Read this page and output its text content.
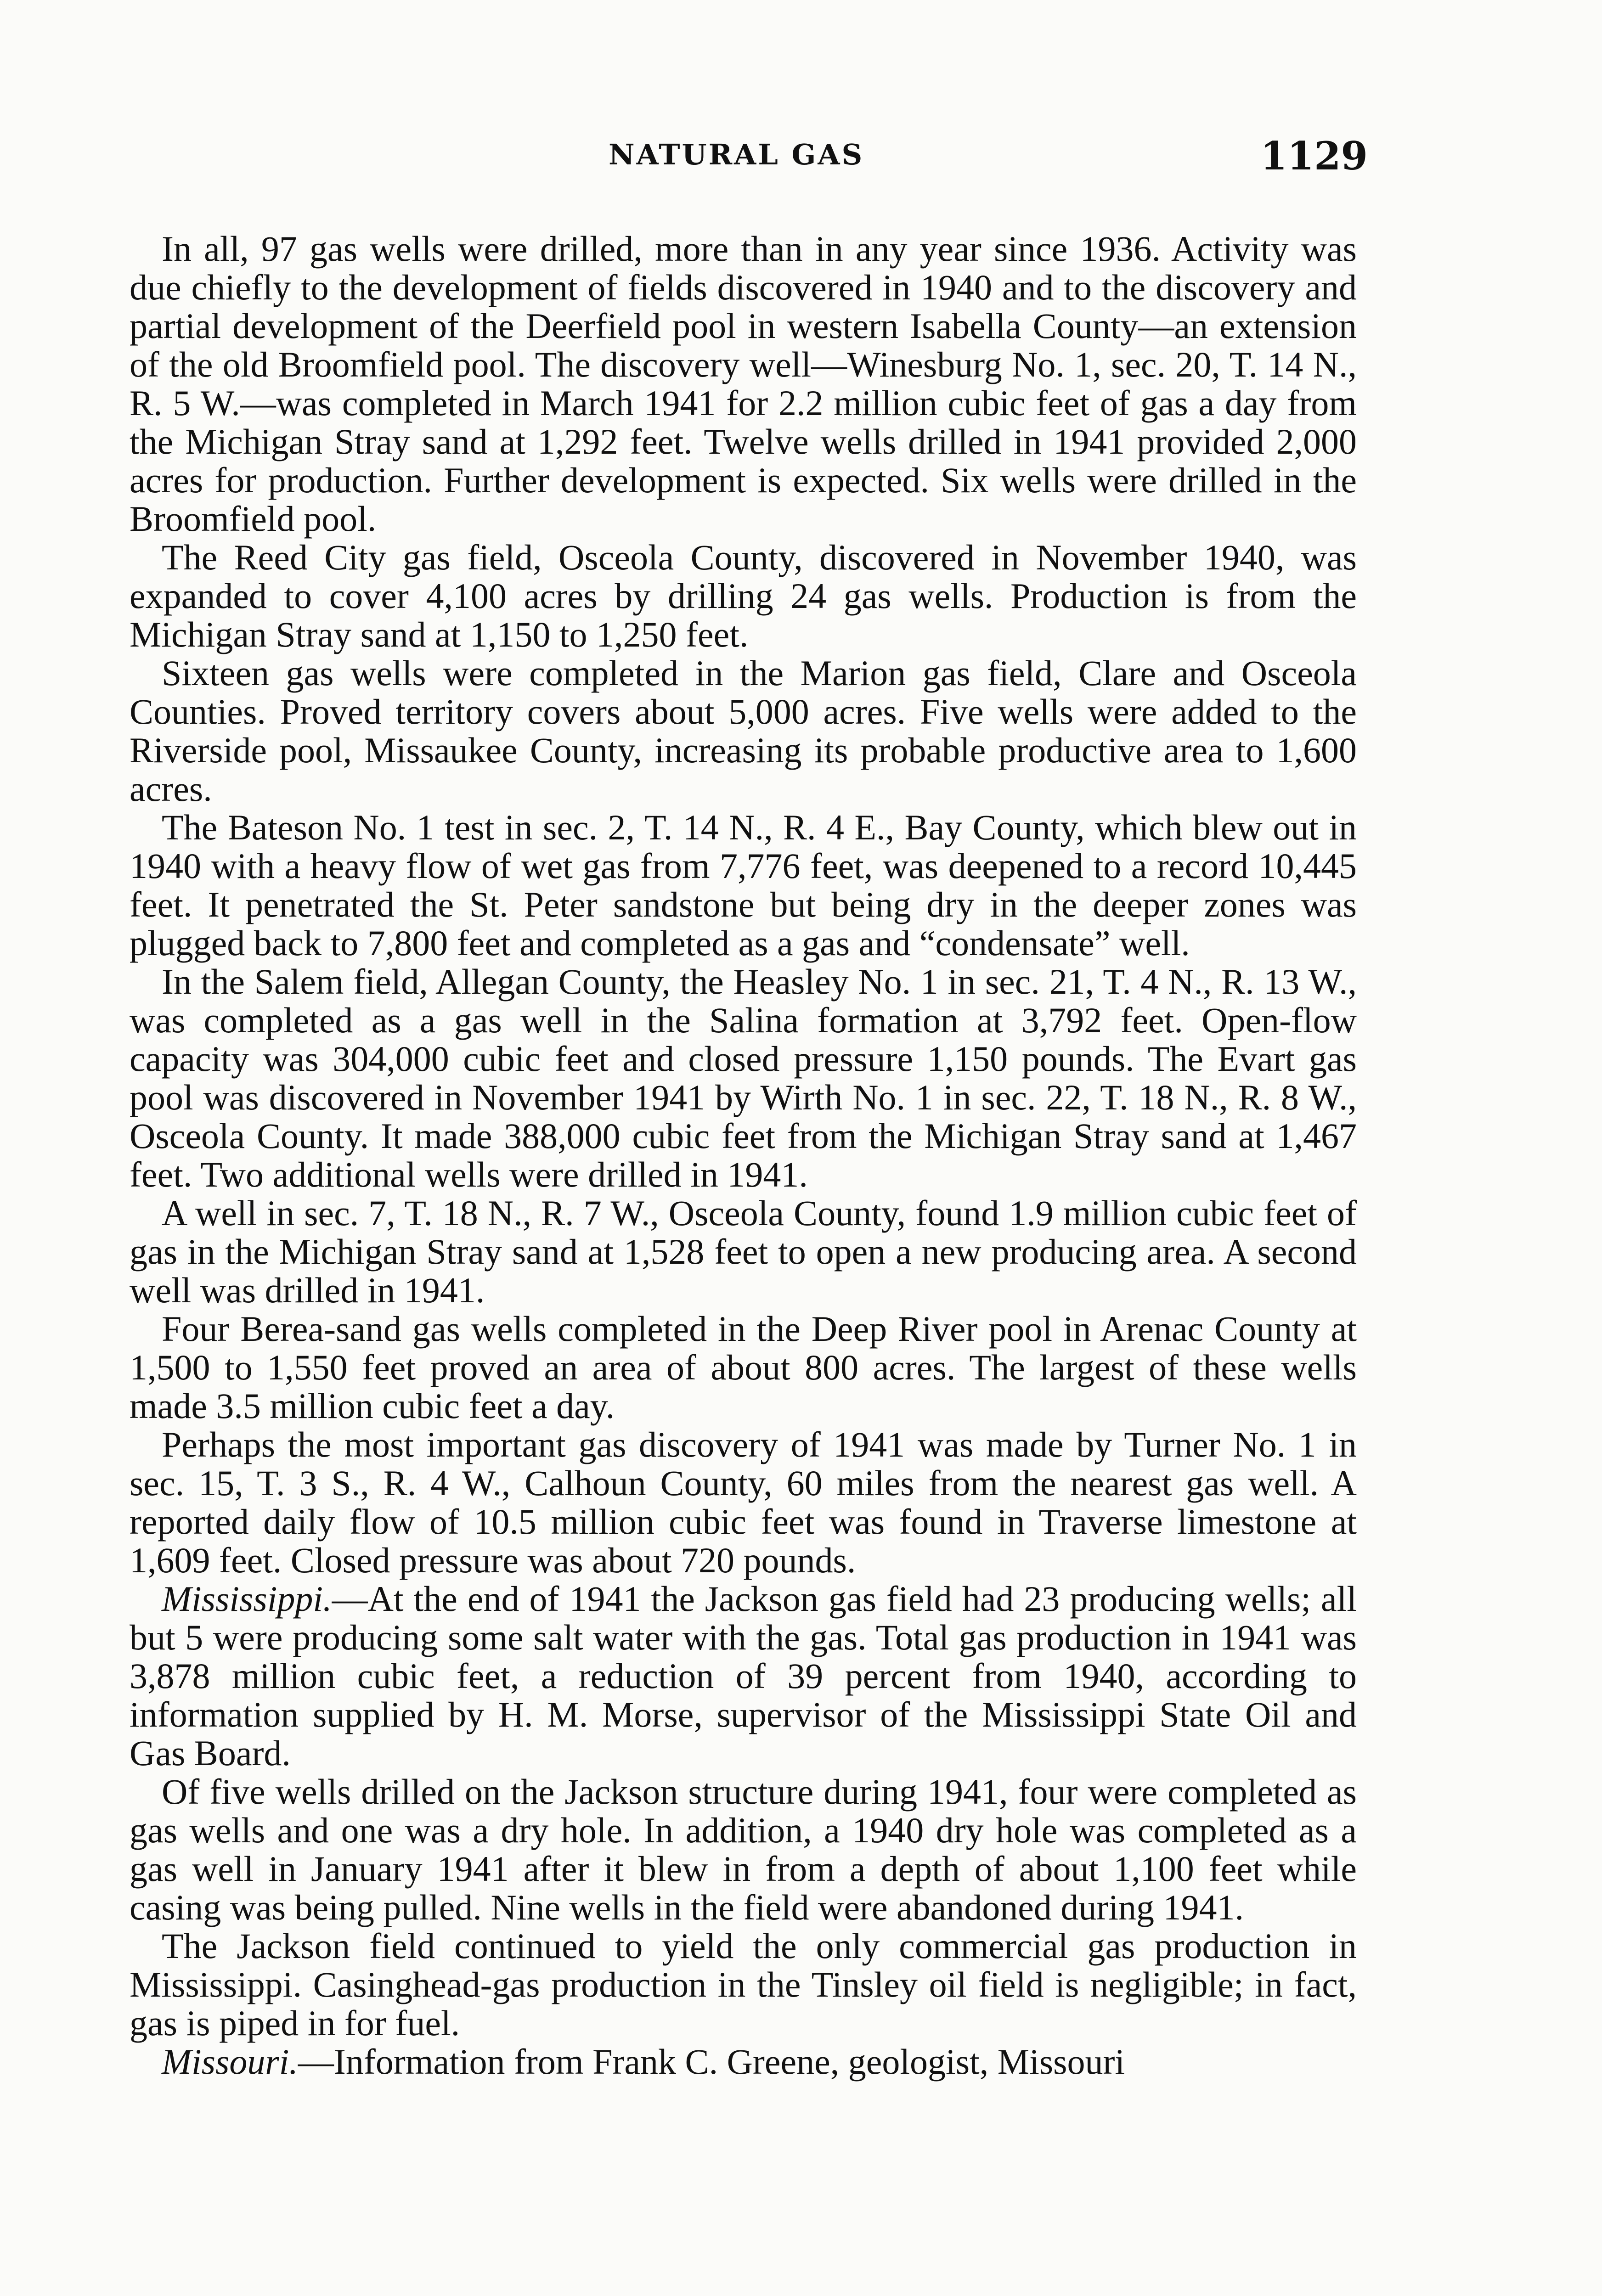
NATURAL GAS	1129

In all, 97 gas wells were drilled, more than in any year since 1936. Activity was due chiefly to the development of fields discovered in 1940 and to the discovery and partial development of the Deerfield pool in western Isabella County—an extension of the old Broomfield pool. The discovery well—Winesburg No. 1, sec. 20, T. 14 N., R. 5 W.—was completed in March 1941 for 2.2 million cubic feet of gas a day from the Michigan Stray sand at 1,292 feet. Twelve wells drilled in 1941 provided 2,000 acres for production. Further development is expected. Six wells were drilled in the Broomfield pool.

The Reed City gas field, Osceola County, discovered in November 1940, was expanded to cover 4,100 acres by drilling 24 gas wells. Production is from the Michigan Stray sand at 1,150 to 1,250 feet.

Sixteen gas wells were completed in the Marion gas field, Clare and Osceola Counties. Proved territory covers about 5,000 acres. Five wells were added to the Riverside pool, Missaukee County, increasing its probable productive area to 1,600 acres.

The Bateson No. 1 test in sec. 2, T. 14 N., R. 4 E., Bay County, which blew out in 1940 with a heavy flow of wet gas from 7,776 feet, was deepened to a record 10,445 feet. It penetrated the St. Peter sandstone but being dry in the deeper zones was plugged back to 7,800 feet and completed as a gas and “condensate” well.

In the Salem field, Allegan County, the Heasley No. 1 in sec. 21, T. 4 N., R. 13 W., was completed as a gas well in the Salina formation at 3,792 feet. Open-flow capacity was 304,000 cubic feet and closed pressure 1,150 pounds. The Evart gas pool was discovered in November 1941 by Wirth No. 1 in sec. 22, T. 18 N., R. 8 W., Osceola County. It made 388,000 cubic feet from the Michigan Stray sand at 1,467 feet. Two additional wells were drilled in 1941.

A well in sec. 7, T. 18 N., R. 7 W., Osceola County, found 1.9 million cubic feet of gas in the Michigan Stray sand at 1,528 feet to open a new producing area. A second well was drilled in 1941.

Four Berea-sand gas wells completed in the Deep River pool in Arenac County at 1,500 to 1,550 feet proved an area of about 800 acres. The largest of these wells made 3.5 million cubic feet a day.

Perhaps the most important gas discovery of 1941 was made by Turner No. 1 in sec. 15, T. 3 S., R. 4 W., Calhoun County, 60 miles from the nearest gas well. A reported daily flow of 10.5 million cubic feet was found in Traverse limestone at 1,609 feet. Closed pressure was about 720 pounds.

Mississippi.—At the end of 1941 the Jackson gas field had 23 producing wells; all but 5 were producing some salt water with the gas. Total gas production in 1941 was 3,878 million cubic feet, a reduction of 39 percent from 1940, according to information supplied by H. M. Morse, supervisor of the Mississippi State Oil and Gas Board.

Of five wells drilled on the Jackson structure during 1941, four were completed as gas wells and one was a dry hole. In addition, a 1940 dry hole was completed as a gas well in January 1941 after it blew in from a depth of about 1,100 feet while casing was being pulled. Nine wells in the field were abandoned during 1941.

The Jackson field continued to yield the only commercial gas production in Mississippi. Casinghead-gas production in the Tinsley oil field is negligible; in fact, gas is piped in for fuel.

Missouri.—Information from Frank C. Greene, geologist, Missouri
